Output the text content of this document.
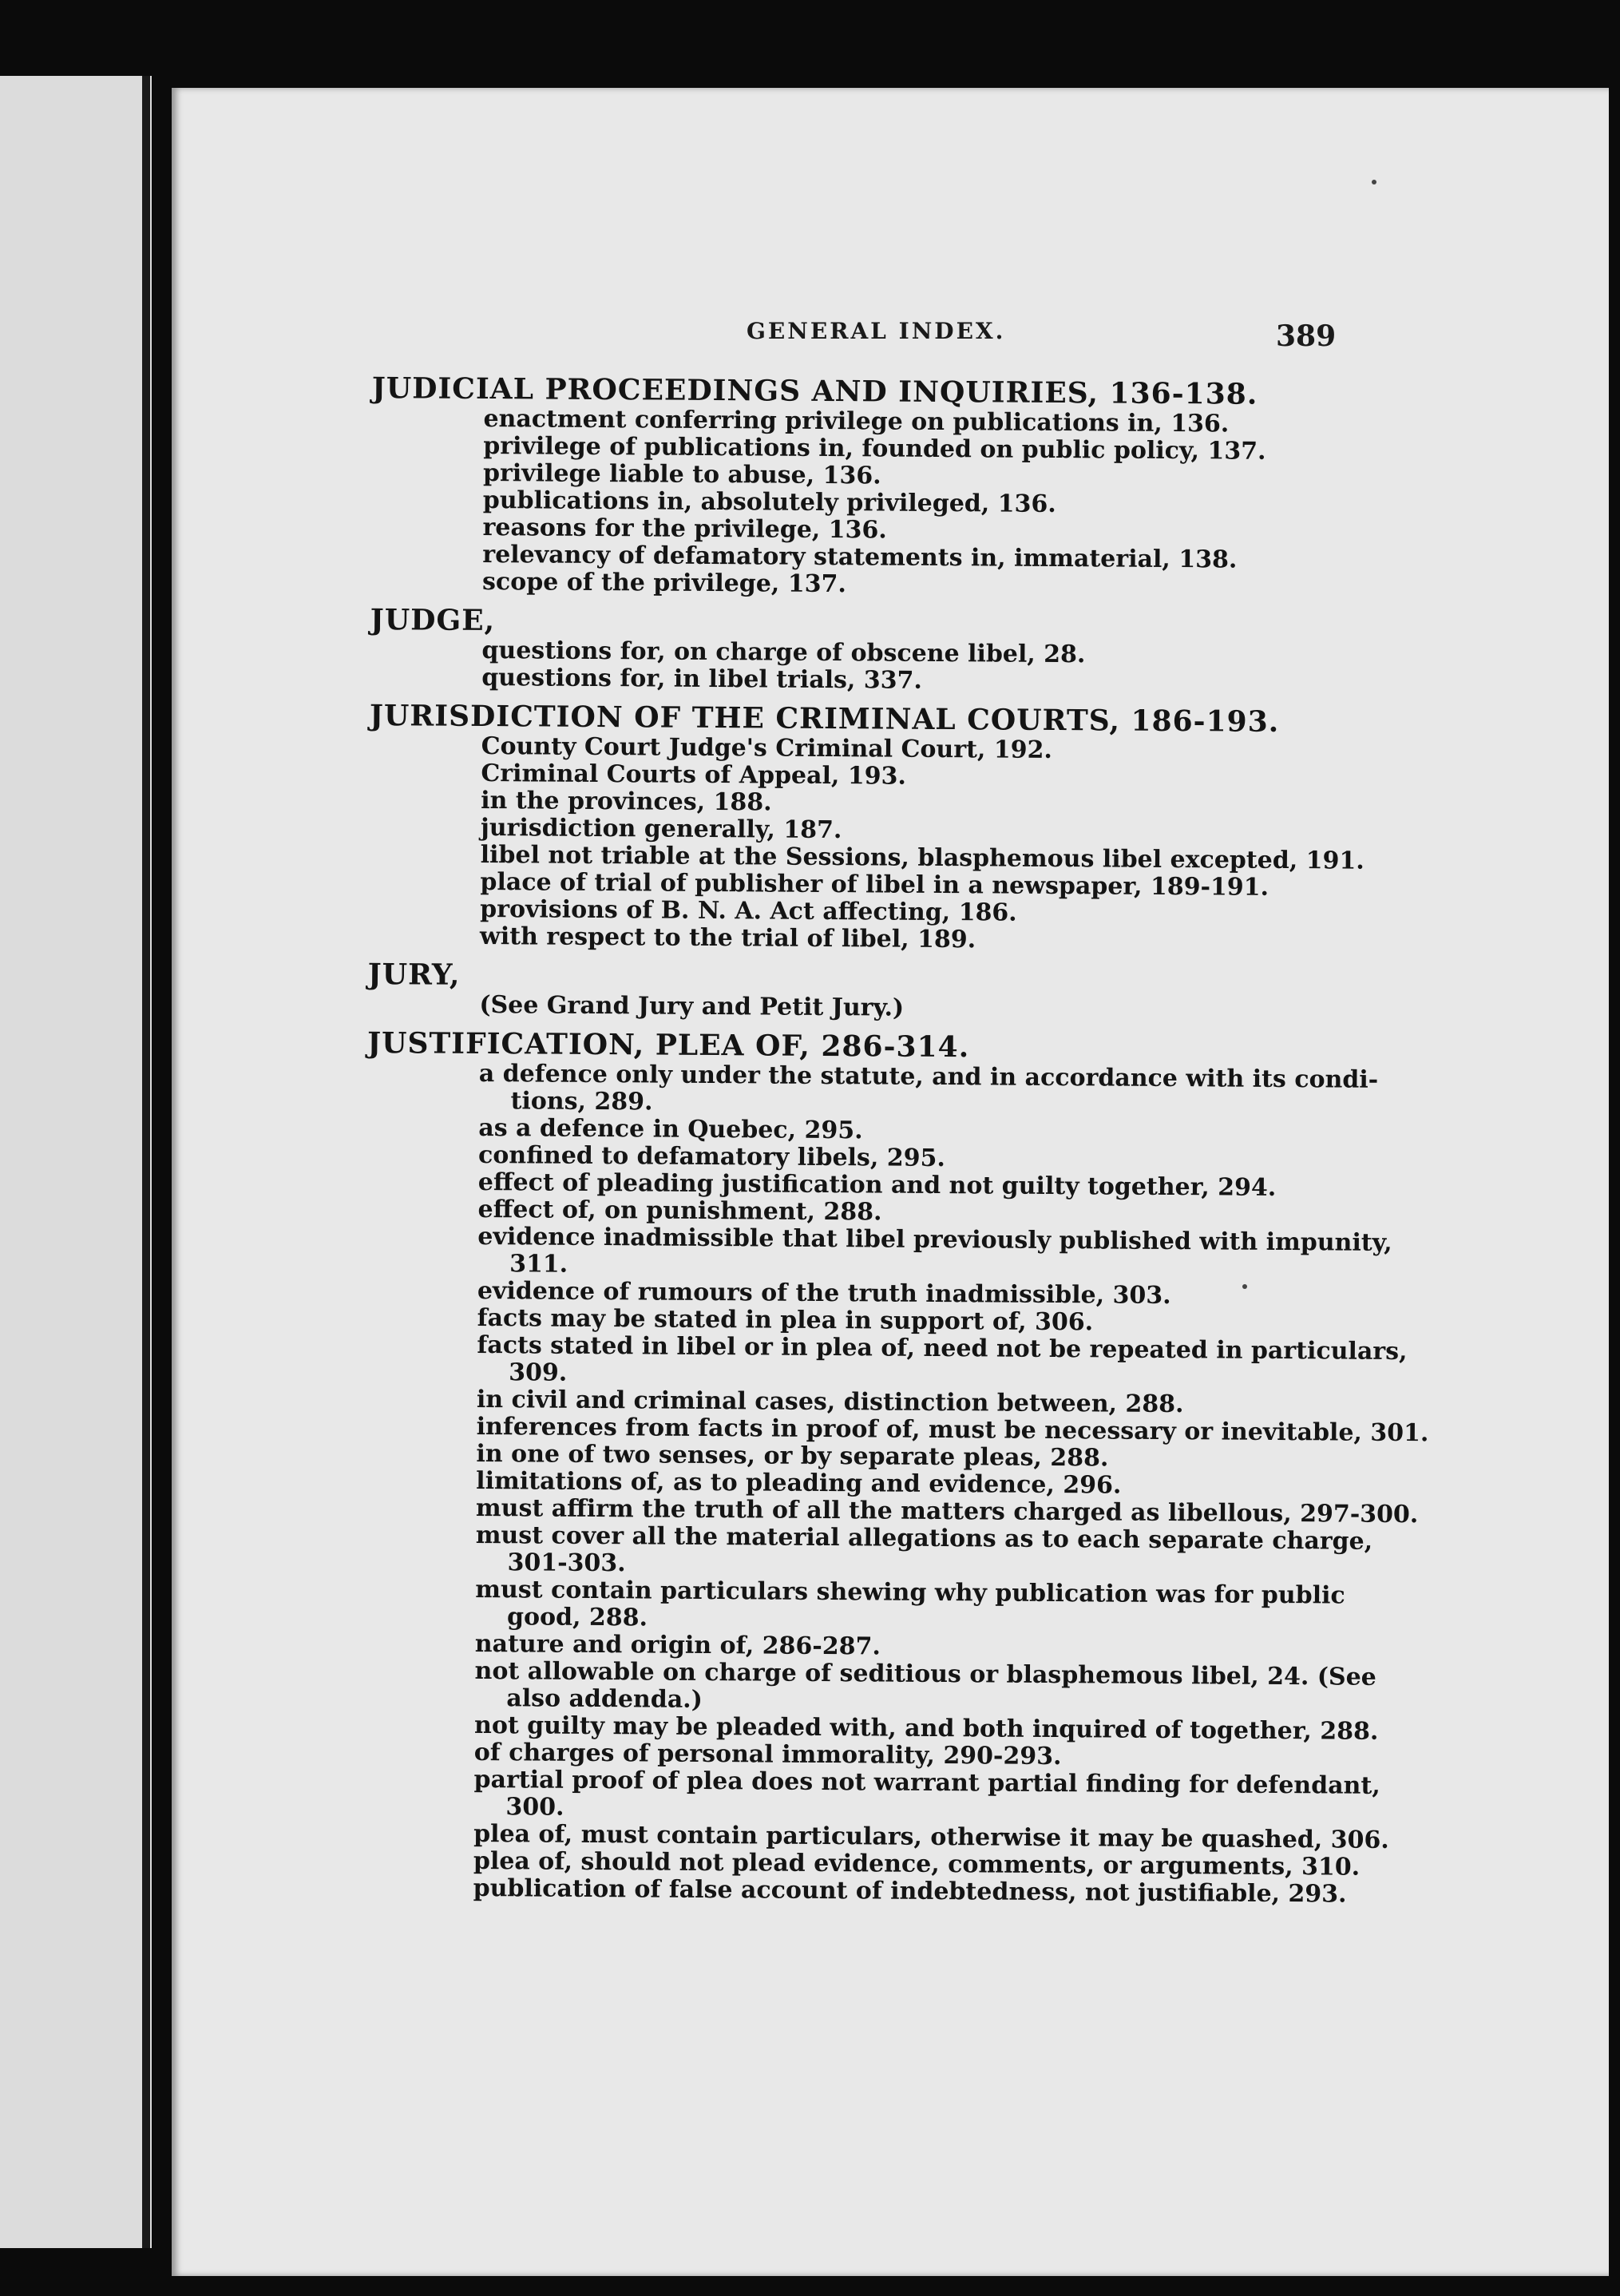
GENERAL INDEX.	389
JUDICIAL PROCEEDINGS AND INQUIRIES, 136-138.
enactment conferring privilege on publications in, 136.
privilege of publications in, founded on public policy, 137.
privilege liable to abuse, 136.
publications in, absolutely privileged, 136.
reasons for the privilege, 136.
relevancy of defamatory statements in, immaterial, 138.
scope of the privilege, 137.
JUDGE,
questions for, on charge of obscene libel, 28.
questions for, in libel trials, 337.
JURISDICTION OF THE CRIMINAL COURTS, 186-193.
County Court Judge's Criminal Court, 192.
Criminal Courts of Appeal, 193.
in the provinces, 188.
jurisdiction generally, 187.
libel not triable at the Sessions, blasphemous libel excepted, 191.
place of trial of publisher of libel in a newspaper, 189-191.
provisions of B. N. A. Act affecting, 186.
with respect to the trial of libel, 189.
JURY,
(See Grand Jury and Petit Jury.)
JUSTIFICATION, PLEA OF, 286-314.
a defence only under the statute, and in accordance with its condi-
tions, 289.
as a defence in Quebec, 295.
confined to defamatory libels, 295.
effect of pleading justification and not guilty together, 294.
effect of, on punishment, 288.
evidence inadmissible that libel previously published with impunity,
311.
evidence of rumours of the truth inadmissible, 303.
facts may be stated in plea in support of, 306.
facts stated in libel or in plea of, need not be repeated in particulars,
309.
in civil and criminal cases, distinction between, 288.
inferences from facts in proof of, must be necessary or inevitable, 301.
in one of two senses, or by separate pleas, 288.
limitations of, as to pleading and evidence, 296.
must affirm the truth of all the matters charged as libellous, 297-300.
must cover all the material allegations as to each separate charge,
301-303.
must contain particulars shewing why publication was for public
good, 288.
nature and origin of, 286-287.
not allowable on charge of seditious or blasphemous libel, 24. (See
also addenda.)
not guilty may be pleaded with, and both inquired of together, 288.
of charges of personal immorality, 290-293.
partial proof of plea does not warrant partial finding for defendant,
300.
plea of, must contain particulars, otherwise it may be quashed, 306.
plea of, should not plead evidence, comments, or arguments, 310.
publication of false account of indebtedness, not justifiable, 293.
